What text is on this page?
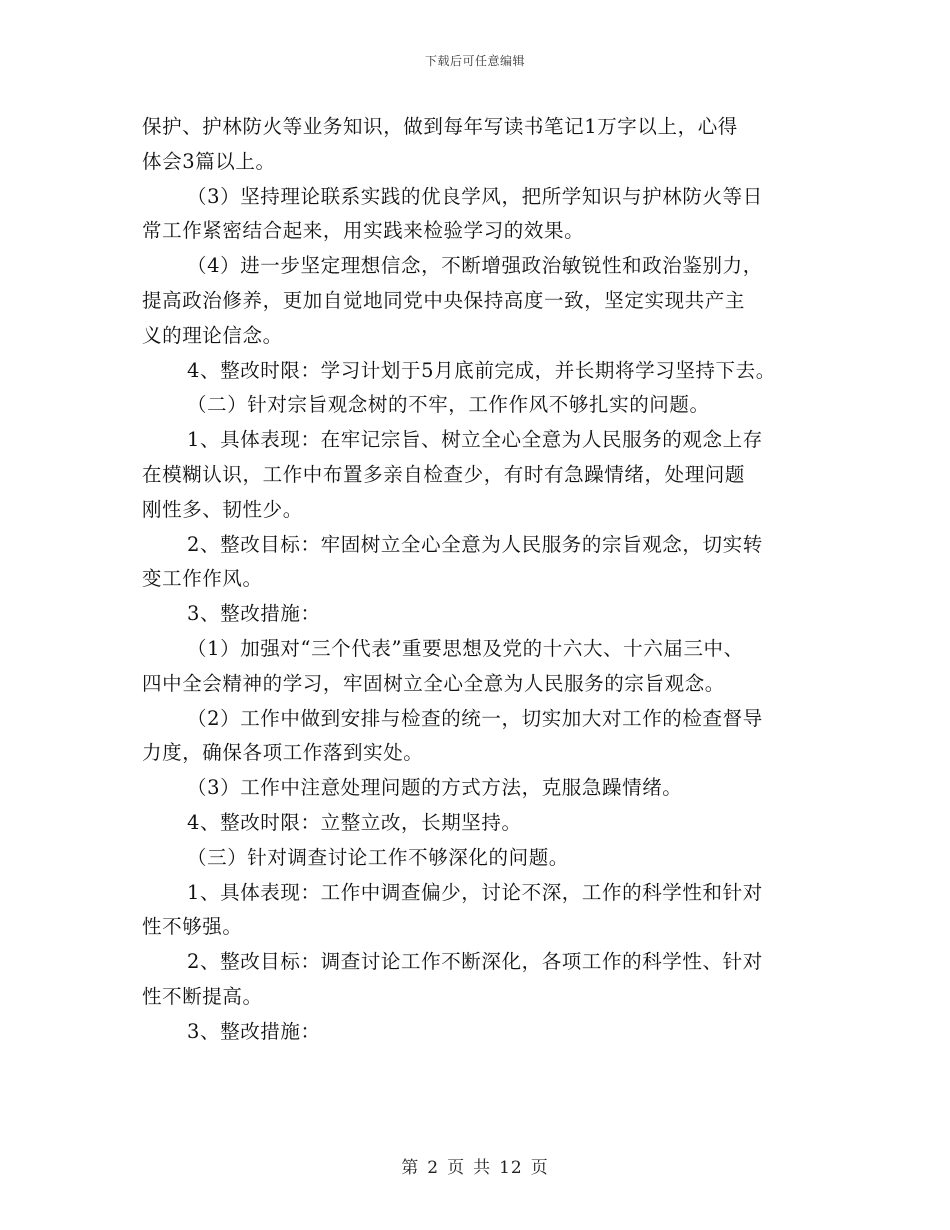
下载后可任意编辑
保护、护林防火等业务知识，做到每年写读书笔记1万字以上，心得
体会3篇以上。
（3）坚持理论联系实践的优良学风，把所学知识与护林防火等日
常工作紧密结合起来，用实践来检验学习的效果。
（4）进一步坚定理想信念，不断增强政治敏锐性和政治鉴别力，
提高政治修养，更加自觉地同党中央保持高度一致，坚定实现共产主
义的理论信念。
4、整改时限：学习计划于5月底前完成，并长期将学习坚持下去。
（二）针对宗旨观念树的不牢，工作作风不够扎实的问题。
1、具体表现：在牢记宗旨、树立全心全意为人民服务的观念上存
在模糊认识，工作中布置多亲自检查少，有时有急躁情绪，处理问题
刚性多、韧性少。
2、整改目标：牢固树立全心全意为人民服务的宗旨观念，切实转
变工作作风。
3、整改措施：
（1）加强对“三个代表”重要思想及党的十六大、十六届三中、
四中全会精神的学习，牢固树立全心全意为人民服务的宗旨观念。
（2）工作中做到安排与检查的统一，切实加大对工作的检查督导
力度，确保各项工作落到实处。
（3）工作中注意处理问题的方式方法，克服急躁情绪。
4、整改时限：立整立改，长期坚持。
（三）针对调查讨论工作不够深化的问题。
1、具体表现：工作中调查偏少，讨论不深，工作的科学性和针对
性不够强。
2、整改目标：调查讨论工作不断深化，各项工作的科学性、针对
性不断提高。
3、整改措施：
第 2 页 共 12 页
